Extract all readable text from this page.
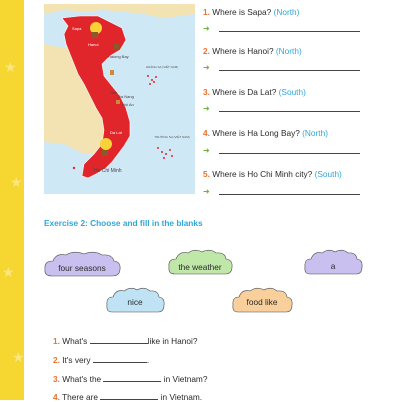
★
★
★
★
Sapa
Hanoi
Halong Bay
Hue
Da Nang
Hoi An
Da Lat
Ho Chi Minh
HOÀNG SA (VIỆT NAM)
TRƯỜNG SA (VIỆT NAM)
1. Where is Sapa? (North)
➜
2. Where is Hanoi? (North)
➜
3. Where is Da Lat? (South)
➜
4. Where is Ha Long Bay? (North)
➜
5. Where is Ho Chi Minh city? (South)
➜
Exercise 2: Choose and fill in the blanks
four seasons	the weather	a
nice	food like
1. What's	like in Hanoi?
2. It's very	.
3. What's the	in Vietnam?
4. There are	in Vietnam.
